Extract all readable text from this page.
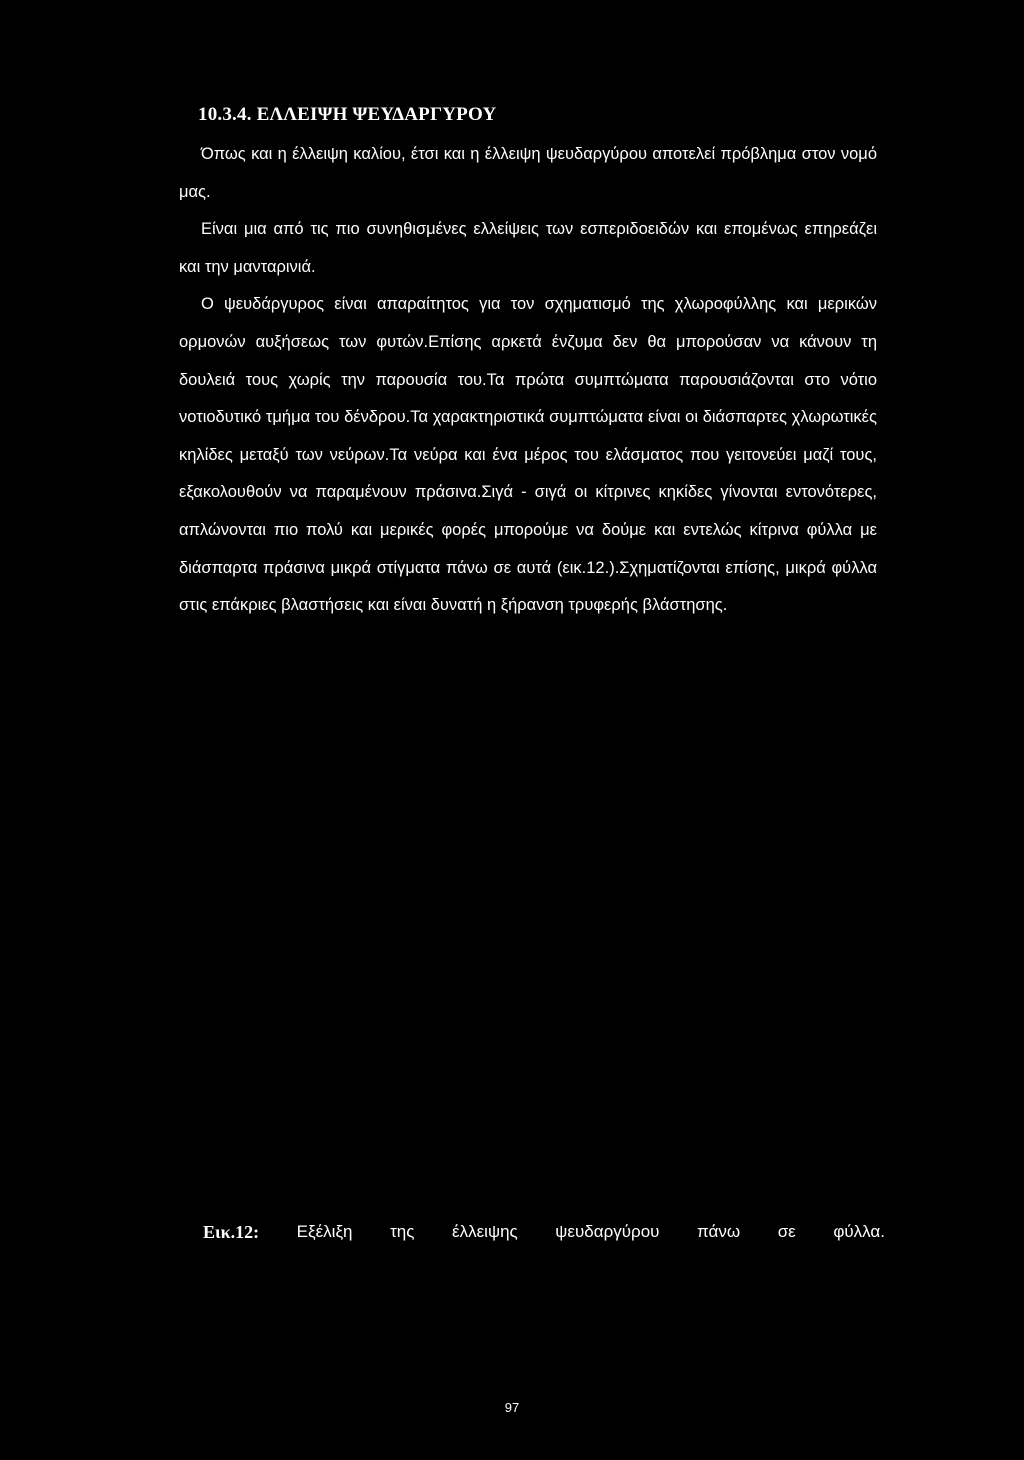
10.3.4. ΕΛΛΕΙΨΗ ΨΕΥΔΑΡΓΥΡΟΥ

Όπως και η έλλειψη καλίου, έτσι και η έλλειψη ψευδαργύρου αποτελεί πρόβλημα στον νομό μας.

Είναι μια από τις πιο συνηθισμένες ελλείψεις των εσπεριδοειδών και επομένως επηρεάζει και την μανταρινιά.

Ο ψευδάργυρος είναι απαραίτητος για τον σχηματισμό της χλωροφύλλης και μερικών ορμονών αυξήσεως των φυτών.Επίσης αρκετά ένζυμα δεν θα μπορούσαν να κάνουν τη δουλειά τους χωρίς την παρουσία του.Τα πρώτα συμπτώματα παρουσιάζονται στο νότιο νοτιοδυτικό τμήμα του δένδρου.Τα χαρακτηριστικά συμπτώματα είναι οι διάσπαρτες χλωρωτικές κηλίδες μεταξύ των νεύρων.Τα νεύρα και ένα μέρος του ελάσματος που γειτονεύει μαζί τους, εξακολουθούν να παραμένουν πράσινα.Σιγά - σιγά οι κίτρινες κηκίδες γίνονται εντονότερες, απλώνονται πιο πολύ και μερικές φορές μπορούμε να δούμε και εντελώς κίτρινα φύλλα με διάσπαρτα πράσινα μικρά στίγματα πάνω σε αυτά (εικ.12.).Σχηματίζονται επίσης, μικρά φύλλα στις επάκριες βλαστήσεις και είναι δυνατή η ξήρανση τρυφερής βλάστησης.

Εικ.12: Εξέλιξη της έλλειψης ψευδαργύρου πάνω σε φύλλα.
97
